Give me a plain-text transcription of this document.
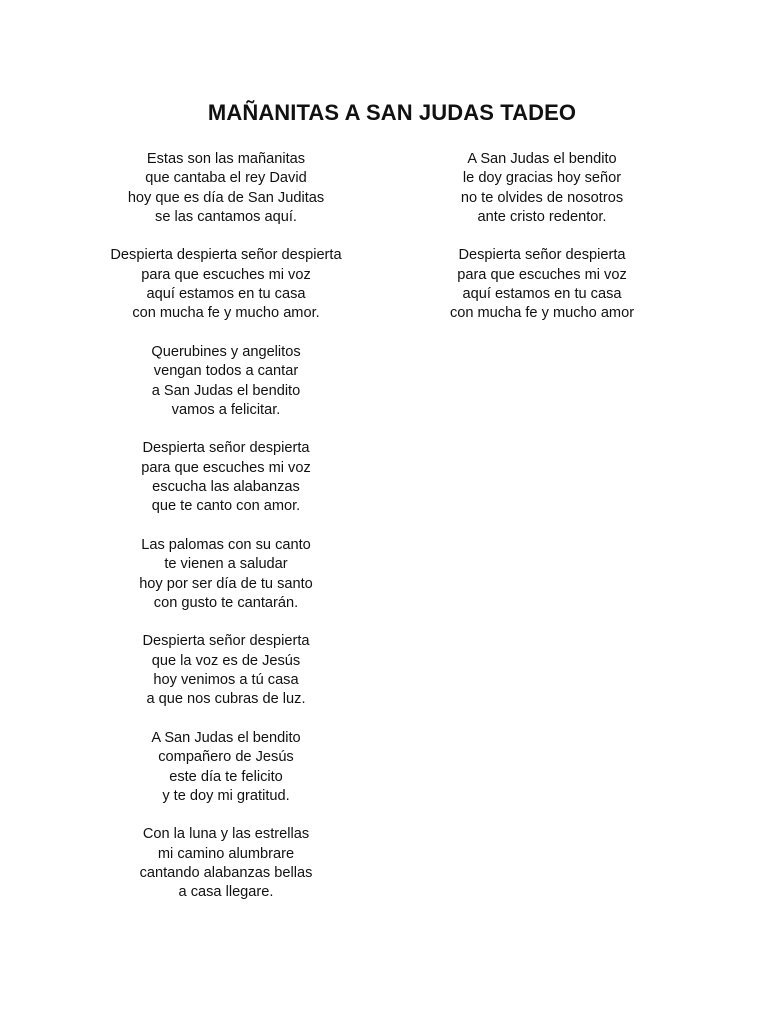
MAÑANITAS A SAN JUDAS TADEO
Estas son las mañanitas
que cantaba el rey David
hoy que es día de San Juditas
se las cantamos aquí.
Despierta despierta señor despierta
para que escuches mi voz
aquí estamos en tu casa
con mucha fe y mucho amor.
Querubines y angelitos
vengan todos a cantar
a San Judas el bendito
vamos a felicitar.
Despierta señor despierta
para que escuches mi voz
escucha las alabanzas
que te canto con amor.
Las palomas con su canto
te vienen a saludar
hoy por ser día de tu santo
con gusto te cantarán.
Despierta señor despierta
que la voz es de Jesús
hoy venimos a tú casa
a que nos cubras de luz.
A San Judas el bendito
compañero de Jesús
este día te felicito
y te doy mi gratitud.
Con la luna y las estrellas
mi camino alumbrare
cantando alabanzas bellas
a casa llegare.
A San Judas el bendito
le doy gracias hoy señor
no te olvides de nosotros
ante cristo redentor.
Despierta señor despierta
para que escuches mi voz
aquí estamos en tu casa
con mucha fe y mucho amor
